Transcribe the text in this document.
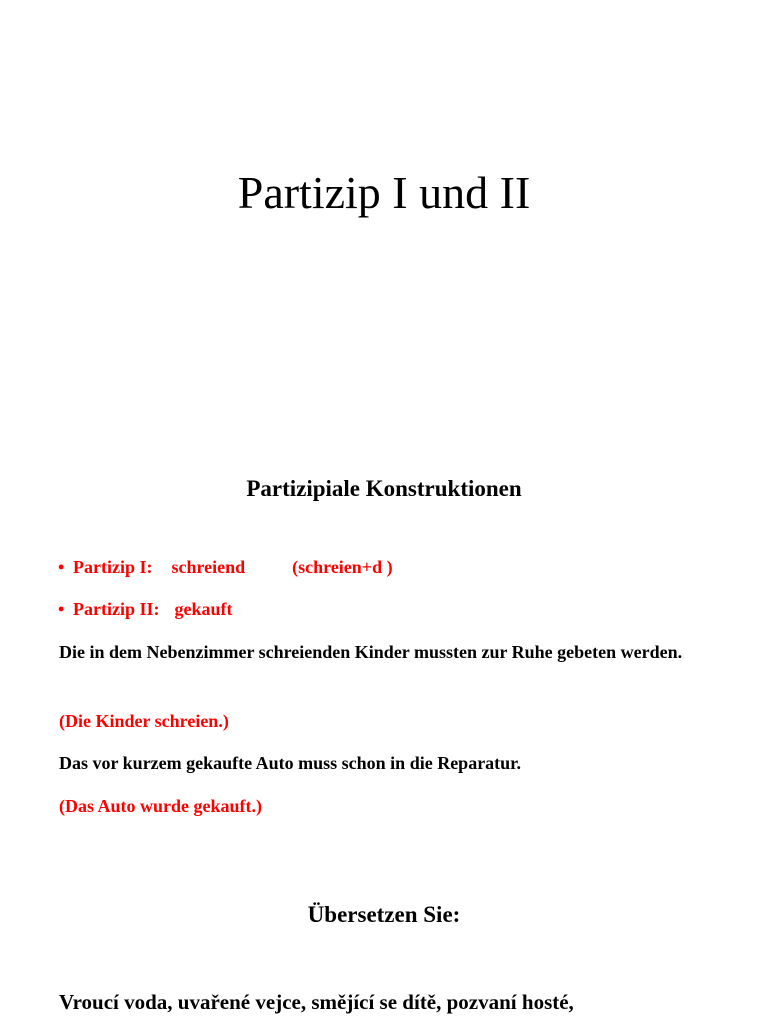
Partizip I und II
Partizipiale Konstruktionen
• Partizip I: schreiend	(schreien+d )
• Partizip II: gekauft
Die in dem Nebenzimmer schreienden Kinder mussten zur Ruhe gebeten werden.
(Die Kinder schreien.)
Das vor kurzem gekaufte Auto muss schon in die Reparatur.
(Das Auto wurde gekauft.)
Übersetzen Sie:
Vroucí voda, uvařené vejce, smějící se dítě, pozvaní hosté,
